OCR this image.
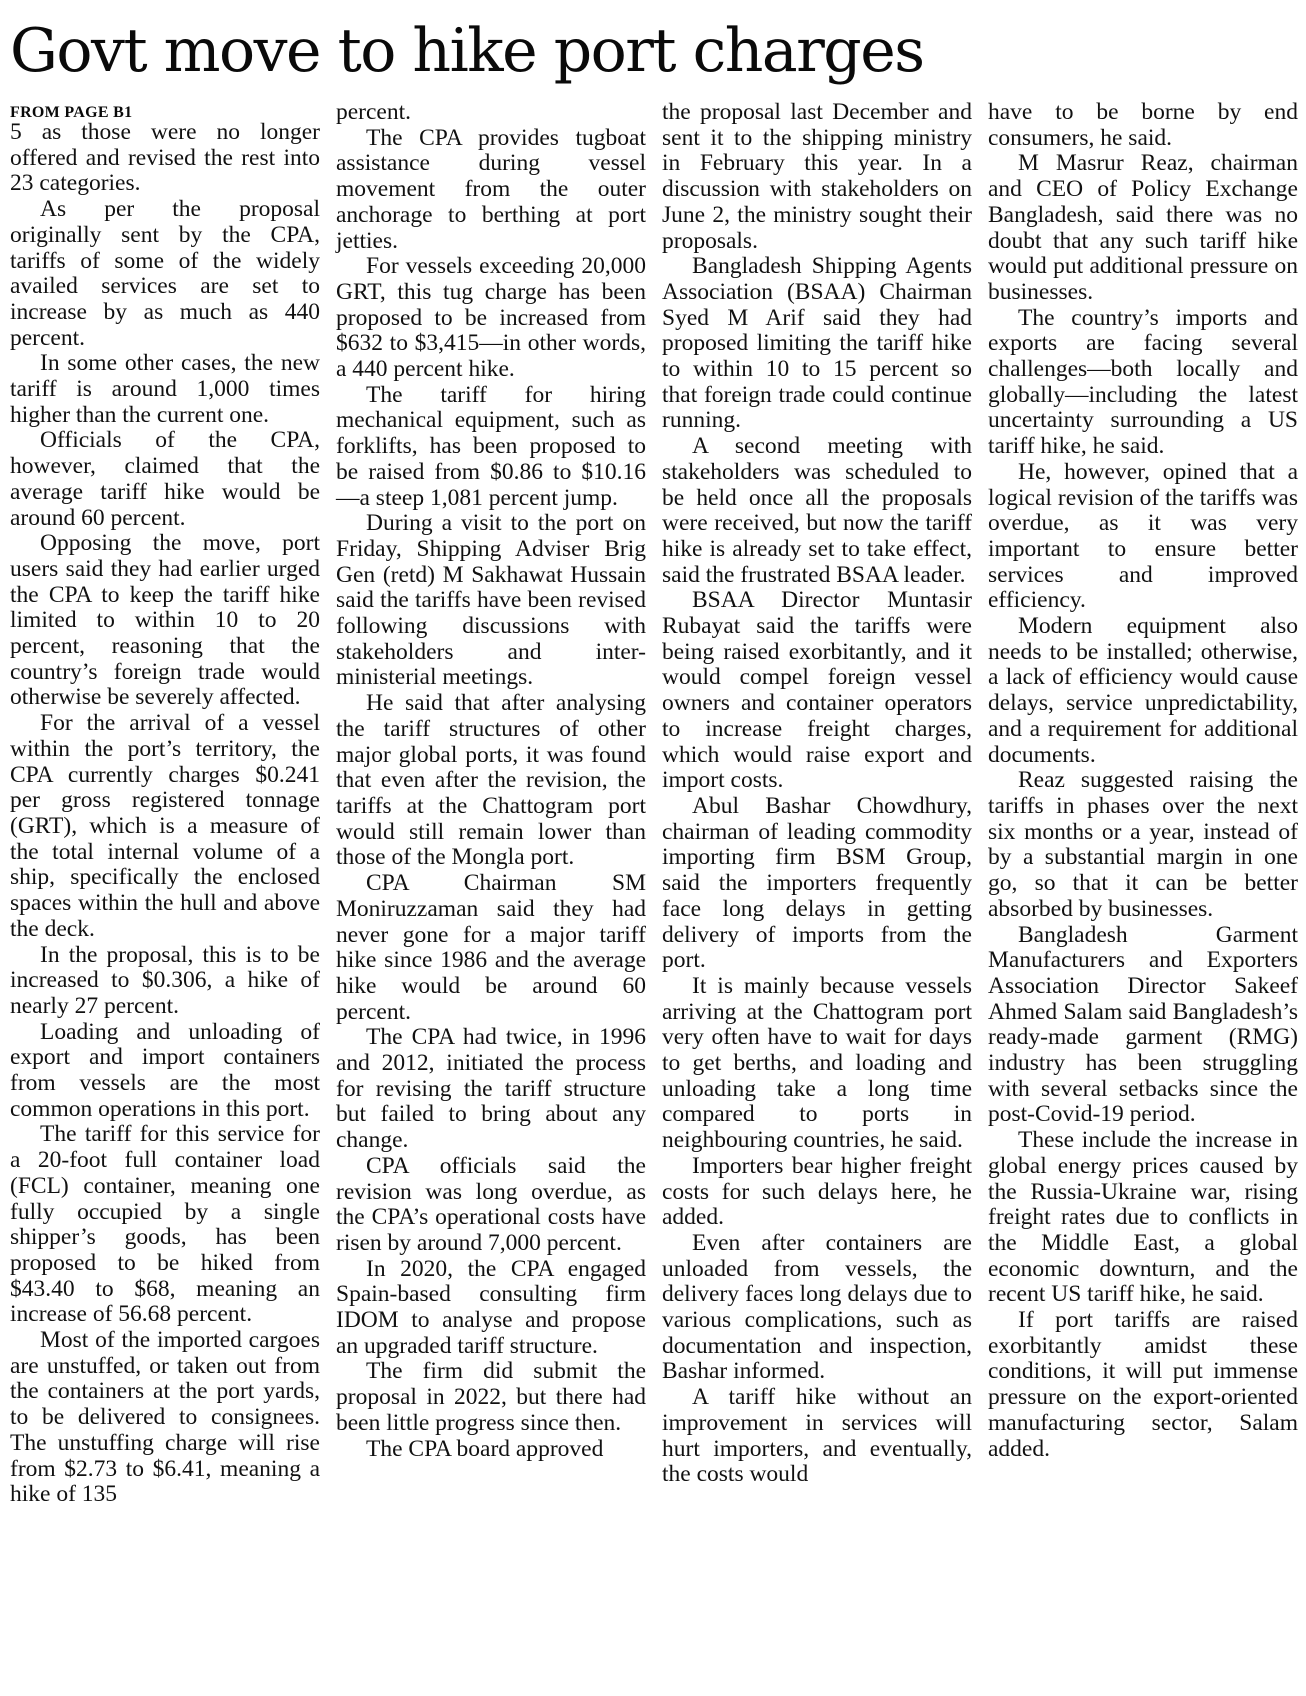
Govt move to hike port charges
FROM PAGE B1

5 as those were no longer offered and revised the rest into 23 categories.

As per the proposal originally sent by the CPA, tariffs of some of the widely availed services are set to increase by as much as 440 percent.

In some other cases, the new tariff is around 1,000 times higher than the current one.

Officials of the CPA, however, claimed that the average tariff hike would be around 60 percent.

Opposing the move, port users said they had earlier urged the CPA to keep the tariff hike limited to within 10 to 20 percent, reasoning that the country’s foreign trade would otherwise be severely affected.

For the arrival of a vessel within the port’s territory, the CPA currently charges $0.241 per gross registered tonnage (GRT), which is a measure of the total internal volume of a ship, specifically the enclosed spaces within the hull and above the deck.

In the proposal, this is to be increased to $0.306, a hike of nearly 27 percent.

Loading and unloading of export and import containers from vessels are the most common operations in this port.

The tariff for this service for a 20-foot full container load (FCL) container, meaning one fully occupied by a single shipper’s goods, has been proposed to be hiked from $43.40 to $68, meaning an increase of 56.68 percent.

Most of the imported cargoes are unstuffed, or taken out from the containers at the port yards, to be delivered to consignees. The unstuffing charge will rise from $2.73 to $6.41, meaning a hike of 135

percent.

The CPA provides tugboat assistance during vessel movement from the outer anchorage to berthing at port jetties.

For vessels exceeding 20,000 GRT, this tug charge has been proposed to be increased from $632 to $3,415—in other words, a 440 percent hike.

The tariff for hiring mechanical equipment, such as forklifts, has been proposed to be raised from $0.86 to $10.16—a steep 1,081 percent jump.

During a visit to the port on Friday, Shipping Adviser Brig Gen (retd) M Sakhawat Hussain said the tariffs have been revised following discussions with stakeholders and inter-ministerial meetings.

He said that after analysing the tariff structures of other major global ports, it was found that even after the revision, the tariffs at the Chattogram port would still remain lower than those of the Mongla port.

CPA Chairman SM Moniruzzaman said they had never gone for a major tariff hike since 1986 and the average hike would be around 60 percent.

The CPA had twice, in 1996 and 2012, initiated the process for revising the tariff structure but failed to bring about any change.

CPA officials said the revision was long overdue, as the CPA’s operational costs have risen by around 7,000 percent.

In 2020, the CPA engaged Spain-based consulting firm IDOM to analyse and propose an upgraded tariff structure.

The firm did submit the proposal in 2022, but there had been little progress since then.

The CPA board approved

the proposal last December and sent it to the shipping ministry in February this year. In a discussion with stakeholders on June 2, the ministry sought their proposals.

Bangladesh Shipping Agents Association (BSAA) Chairman Syed M Arif said they had proposed limiting the tariff hike to within 10 to 15 percent so that foreign trade could continue running.

A second meeting with stakeholders was scheduled to be held once all the proposals were received, but now the tariff hike is already set to take effect, said the frustrated BSAA leader.

BSAA Director Muntasir Rubayat said the tariffs were being raised exorbitantly, and it would compel foreign vessel owners and container operators to increase freight charges, which would raise export and import costs.

Abul Bashar Chowdhury, chairman of leading commodity importing firm BSM Group, said the importers frequently face long delays in getting delivery of imports from the port.

It is mainly because vessels arriving at the Chattogram port very often have to wait for days to get berths, and loading and unloading take a long time compared to ports in neighbouring countries, he said.

Importers bear higher freight costs for such delays here, he added.

Even after containers are unloaded from vessels, the delivery faces long delays due to various complications, such as documentation and inspection, Bashar informed.

A tariff hike without an improvement in services will hurt importers, and eventually, the costs would

have to be borne by end consumers, he said.

M Masrur Reaz, chairman and CEO of Policy Exchange Bangladesh, said there was no doubt that any such tariff hike would put additional pressure on businesses.

The country’s imports and exports are facing several challenges—both locally and globally—including the latest uncertainty surrounding a US tariff hike, he said.

He, however, opined that a logical revision of the tariffs was overdue, as it was very important to ensure better services and improved efficiency.

Modern equipment also needs to be installed; otherwise, a lack of efficiency would cause delays, service unpredictability, and a requirement for additional documents.

Reaz suggested raising the tariffs in phases over the next six months or a year, instead of by a substantial margin in one go, so that it can be better absorbed by businesses.

Bangladesh Garment Manufacturers and Exporters Association Director Sakeef Ahmed Salam said Bangladesh’s ready-made garment (RMG) industry has been struggling with several setbacks since the post-Covid-19 period.

These include the increase in global energy prices caused by the Russia-Ukraine war, rising freight rates due to conflicts in the Middle East, a global economic downturn, and the recent US tariff hike, he said.

If port tariffs are raised exorbitantly amidst these conditions, it will put immense pressure on the export-oriented manufacturing sector, Salam added.
